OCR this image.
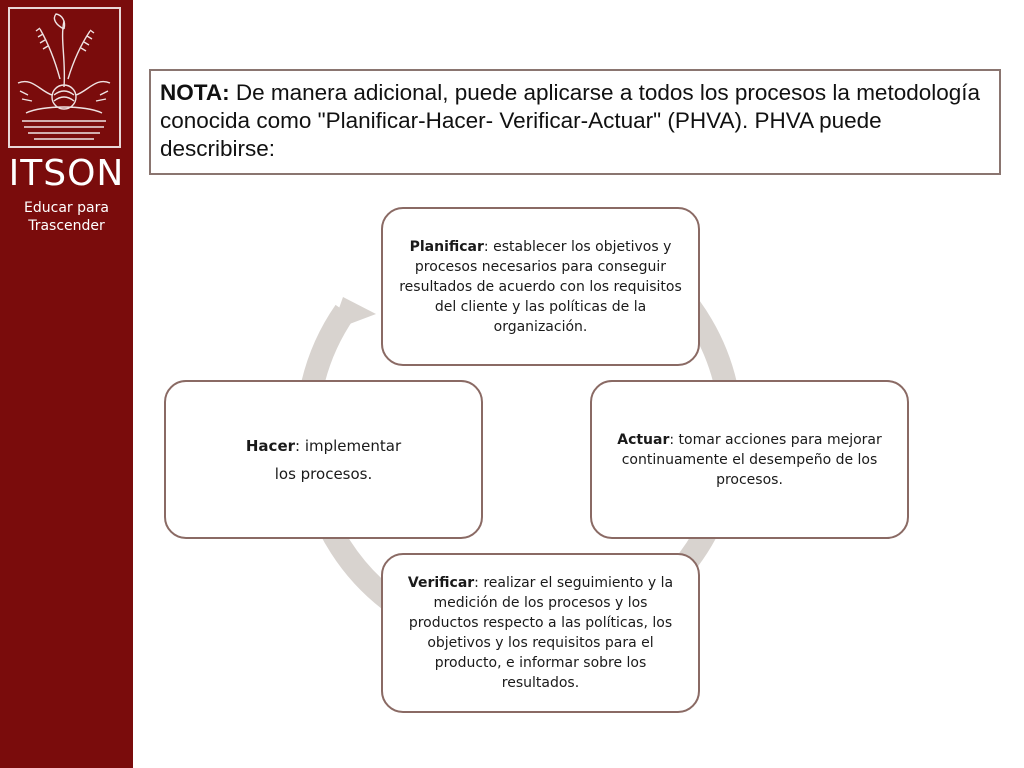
ITSON
Educar para
Trascender
NOTA: De manera adicional, puede aplicarse a todos los procesos la metodología conocida como "Planificar-Hacer- Verificar-Actuar" (PHVA). PHVA puede describirse:
Planificar: establecer los objetivos y procesos necesarios para conseguir resultados de acuerdo con los requisitos del cliente y las políticas de la organización.
Actuar: tomar acciones para mejorar continuamente el desempeño de los procesos.
Verificar: realizar el seguimiento y la medición de los procesos y los productos respecto a las políticas, los objetivos y los requisitos para el producto, e informar sobre los resultados.
Hacer: implementar
los procesos.
